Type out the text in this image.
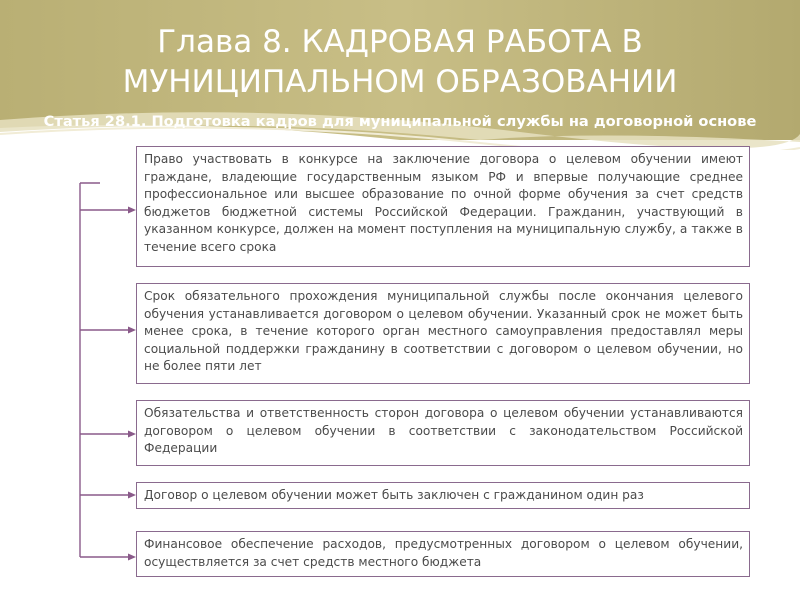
Глава 8. КАДРОВАЯ РАБОТА В
МУНИЦИПАЛЬНОМ ОБРАЗОВАНИИ
Статья 28.1. Подготовка кадров для муниципальной службы на договорной основе
Право участвовать в конкурсе на заключение договора о целевом обучении имеют граждане, владеющие государственным языком РФ и впервые получающие среднее профессиональное или высшее образование по очной форме обучения за счет средств бюджетов бюджетной системы Российской Федерации. Гражданин, участвующий в указанном конкурсе, должен на момент поступления на муниципальную службу, а также в течение всего срока
Срок обязательного прохождения муниципальной службы после окончания целевого обучения устанавливается договором о целевом обучении. Указанный срок не может быть менее срока, в течение которого орган местного самоуправления предоставлял меры социальной поддержки гражданину в соответствии с договором о целевом обучении, но не более пяти лет
Обязательства и ответственность сторон договора о целевом обучении устанавливаются договором о целевом обучении в соответствии с законодательством Российской Федерации
Договор о целевом обучении может быть заключен с гражданином один раз
Финансовое обеспечение расходов, предусмотренных договором о целевом обучении, осуществляется за счет средств местного бюджета
